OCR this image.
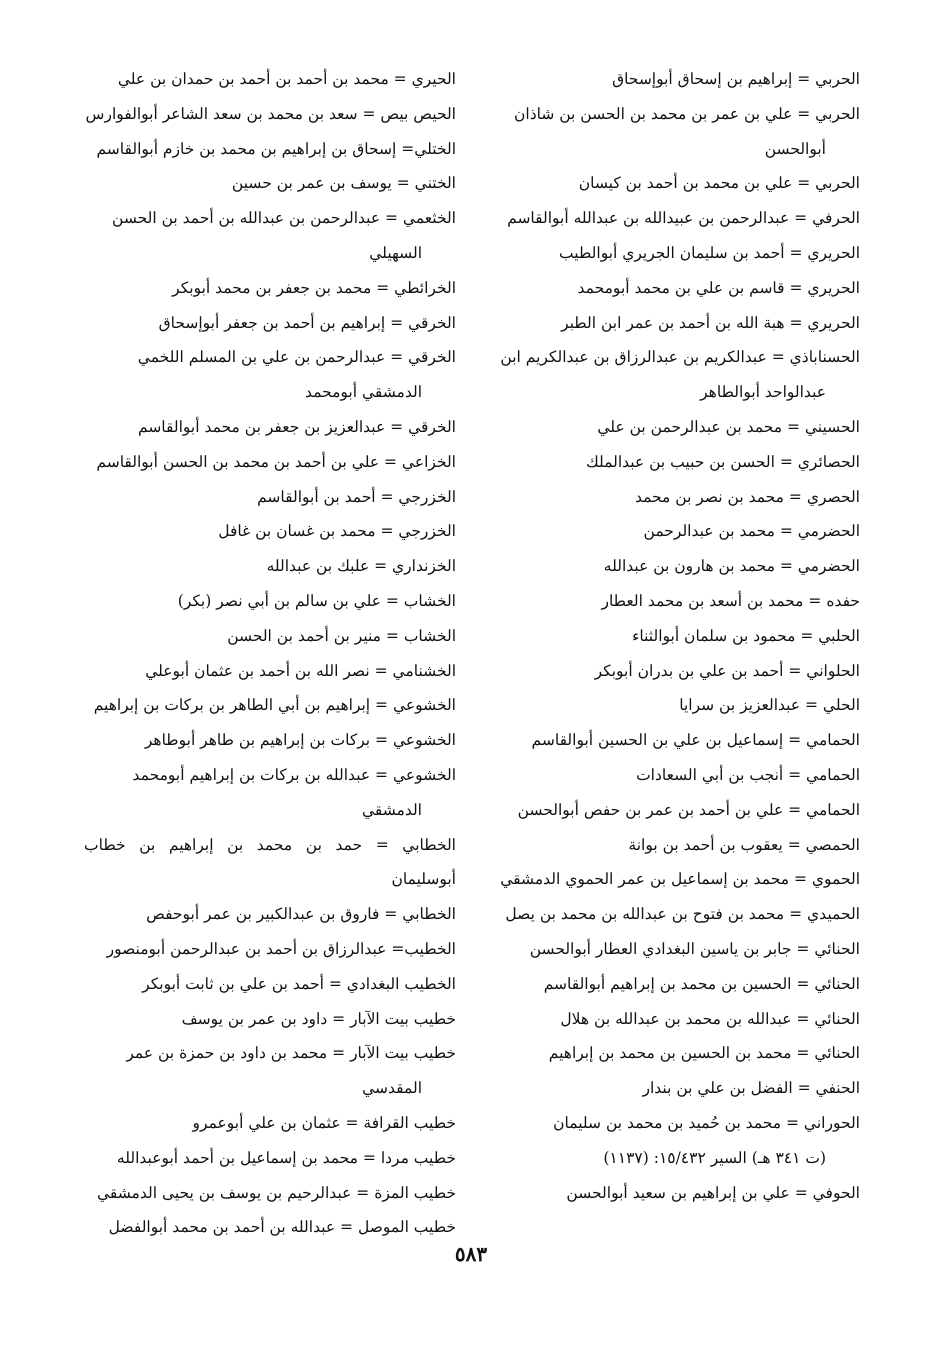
الحربي = إبراهيم بن إسحاق أبوإسحاق

الحربي = علي بن عمر بن محمد بن الحسن بن شاذان
أبوالحسن

الحربي = علي بن محمد بن أحمد بن كيسان

الحرفي = عبدالرحمن بن عبيدالله بن عبدالله أبوالقاسم

الحريري = أحمد بن سليمان الجريري أبوالطيب

الحريري = قاسم بن علي بن محمد أبومحمد

الحريري = هبة الله بن أحمد بن عمر ابن الطبر

الحسناباذي = عبدالكريم بن عبدالرزاق بن عبدالكريم ابن
عبدالواحد أبوالطاهر

الحسيني = محمد بن عبدالرحمن بن علي

الحصائري = الحسن بن حبيب بن عبدالملك

الحصري = محمد بن نصر بن محمد

الحضرمي = محمد بن عبدالرحمن

الحضرمي = محمد بن هارون بن عبدالله

حفده = محمد بن أسعد بن محمد العطار

الحلبي = محمود بن سلمان أبوالثناء

الحلواني = أحمد بن علي بن بدران أبوبكر

الحلي = عبدالعزيز بن سرايا

الحمامي = إسماعيل بن علي بن الحسين أبوالقاسم

الحمامي = أنجب بن أبي السعادات

الحمامي = علي بن أحمد بن عمر بن حفص أبوالحسن

الحمصي = يعقوب بن أحمد بن بوانة

الحموي = محمد بن إسماعيل بن عمر الحموي الدمشقي

الحميدي = محمد بن فتوح بن عبدالله بن محمد بن يصل

الحنائي = جابر بن ياسين البغدادي العطار أبوالحسن

الحنائي = الحسين بن محمد بن إبراهيم أبوالقاسم

الحنائي = عبدالله بن محمد بن عبدالله بن هلال

الحنائي = محمد بن الحسين بن محمد بن إبراهيم

الحنفي = الفضل بن علي بن بندار

الحوراني = محمد بن حُميد بن محمد بن سليمان
(ت ٣٤١ هـ) السير ١٥/٤٣٢: (١١٣٧)

الحوفي = علي بن إبراهيم بن سعيد أبوالحسن

الحيري = محمد بن أحمد بن أحمد بن حمدان بن علي

الحيص بيص = سعد بن محمد بن سعد الشاعر أبوالفوارس

الختلي= إسحاق بن إبراهيم بن محمد بن خازم أبوالقاسم

الختني = يوسف بن عمر بن حسين

الخثعمي = عبدالرحمن بن عبدالله بن أحمد بن الحسن
السهيلي

الخرائطي = محمد بن جعفر بن محمد أبوبكر

الخرقي = إبراهيم بن أحمد بن جعفر أبوإسحاق

الخرقي = عبدالرحمن بن علي بن المسلم اللخمي
الدمشقي أبومحمد

الخرقي = عبدالعزيز بن جعفر بن محمد أبوالقاسم

الخزاعي = علي بن أحمد بن محمد بن الحسن أبوالقاسم

الخزرجي = أحمد بن أبوالقاسم

الخزرجي = محمد بن غسان بن غافل

الخزنداري = علبك بن عبدالله

الخشاب = علي بن سالم بن أبي نصر (بكر)

الخشاب = منير بن أحمد بن الحسن

الخشنامي = نصر الله بن أحمد بن عثمان أبوعلي

الخشوعي = إبراهيم بن أبي الطاهر بن بركات بن إبراهيم

الخشوعي = بركات بن إبراهيم بن طاهر أبوطاهر

الخشوعي = عبدالله بن بركات بن إبراهيم أبومحمد
الدمشقي

الخطابي = حمد بن محمد بن إبراهيم بن خطاب أبوسليمان

الخطابي = فاروق بن عبدالكبير بن عمر أبوحفص

الخطيب= عبدالرزاق بن أحمد بن عبدالرحمن أبومنصور

الخطيب البغدادي = أحمد بن علي بن ثابت أبوبكر

خطيب بيت الآبار = داود بن عمر بن يوسف

خطيب بيت الآبار = محمد بن داود بن حمزة بن عمر
المقدسي

خطيب القرافة = عثمان بن علي أبوعمرو

خطيب مردا = محمد بن إسماعيل بن أحمد أبوعبدالله

خطيب المزة = عبدالرحيم بن يوسف بن يحيى الدمشقي

خطيب الموصل = عبدالله بن أحمد بن محمد أبوالفضل

٥٨٣
